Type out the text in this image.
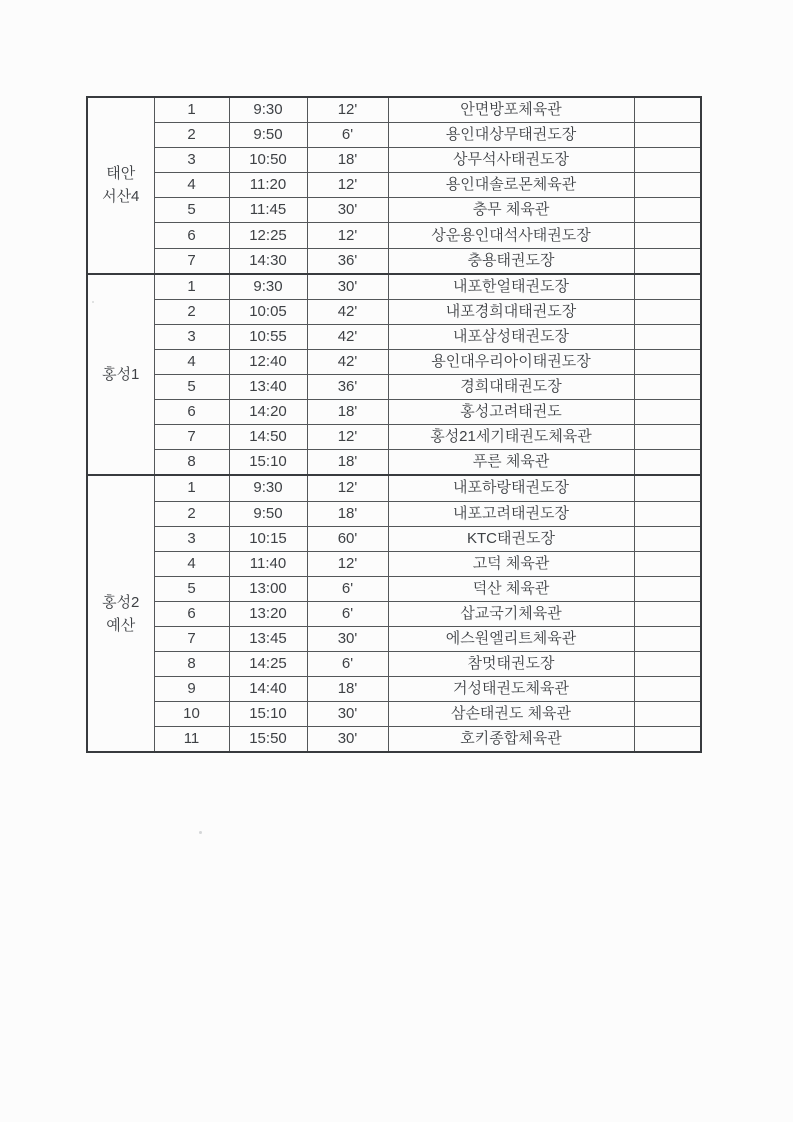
태안
서산4	1	9:30	12'	안면방포체육관	
	2	9:50	6'	용인대상무태권도장	
	3	10:50	18'	상무석사태권도장	
	4	11:20	12'	용인대솔로몬체육관	
	5	11:45	30'	충무 체육관	
	6	12:25	12'	상운용인대석사태권도장	
	7	14:30	36'	충용태권도장	
홍성1	1	9:30	30'	내포한얼태권도장	
	2	10:05	42'	내포경희대태권도장	
	3	10:55	42'	내포삼성태권도장	
	4	12:40	42'	용인대우리아이태권도장	
	5	13:40	36'	경희대태권도장	
	6	14:20	18'	홍성고려태권도	
	7	14:50	12'	홍성21세기태권도체육관	
	8	15:10	18'	푸른 체육관	
홍성2
예산	1	9:30	12'	내포하랑태권도장	
	2	9:50	18'	내포고려태권도장	
	3	10:15	60'	KTC태권도장	
	4	11:40	12'	고덕 체육관	
	5	13:00	6'	덕산 체육관	
	6	13:20	6'	삽교국기체육관	
	7	13:45	30'	에스원엘리트체육관	
	8	14:25	6'	참멋태권도장	
	9	14:40	18'	거성태권도체육관	
	10	15:10	30'	삼손태권도 체육관	
	11	15:50	30'	호키종합체육관	
